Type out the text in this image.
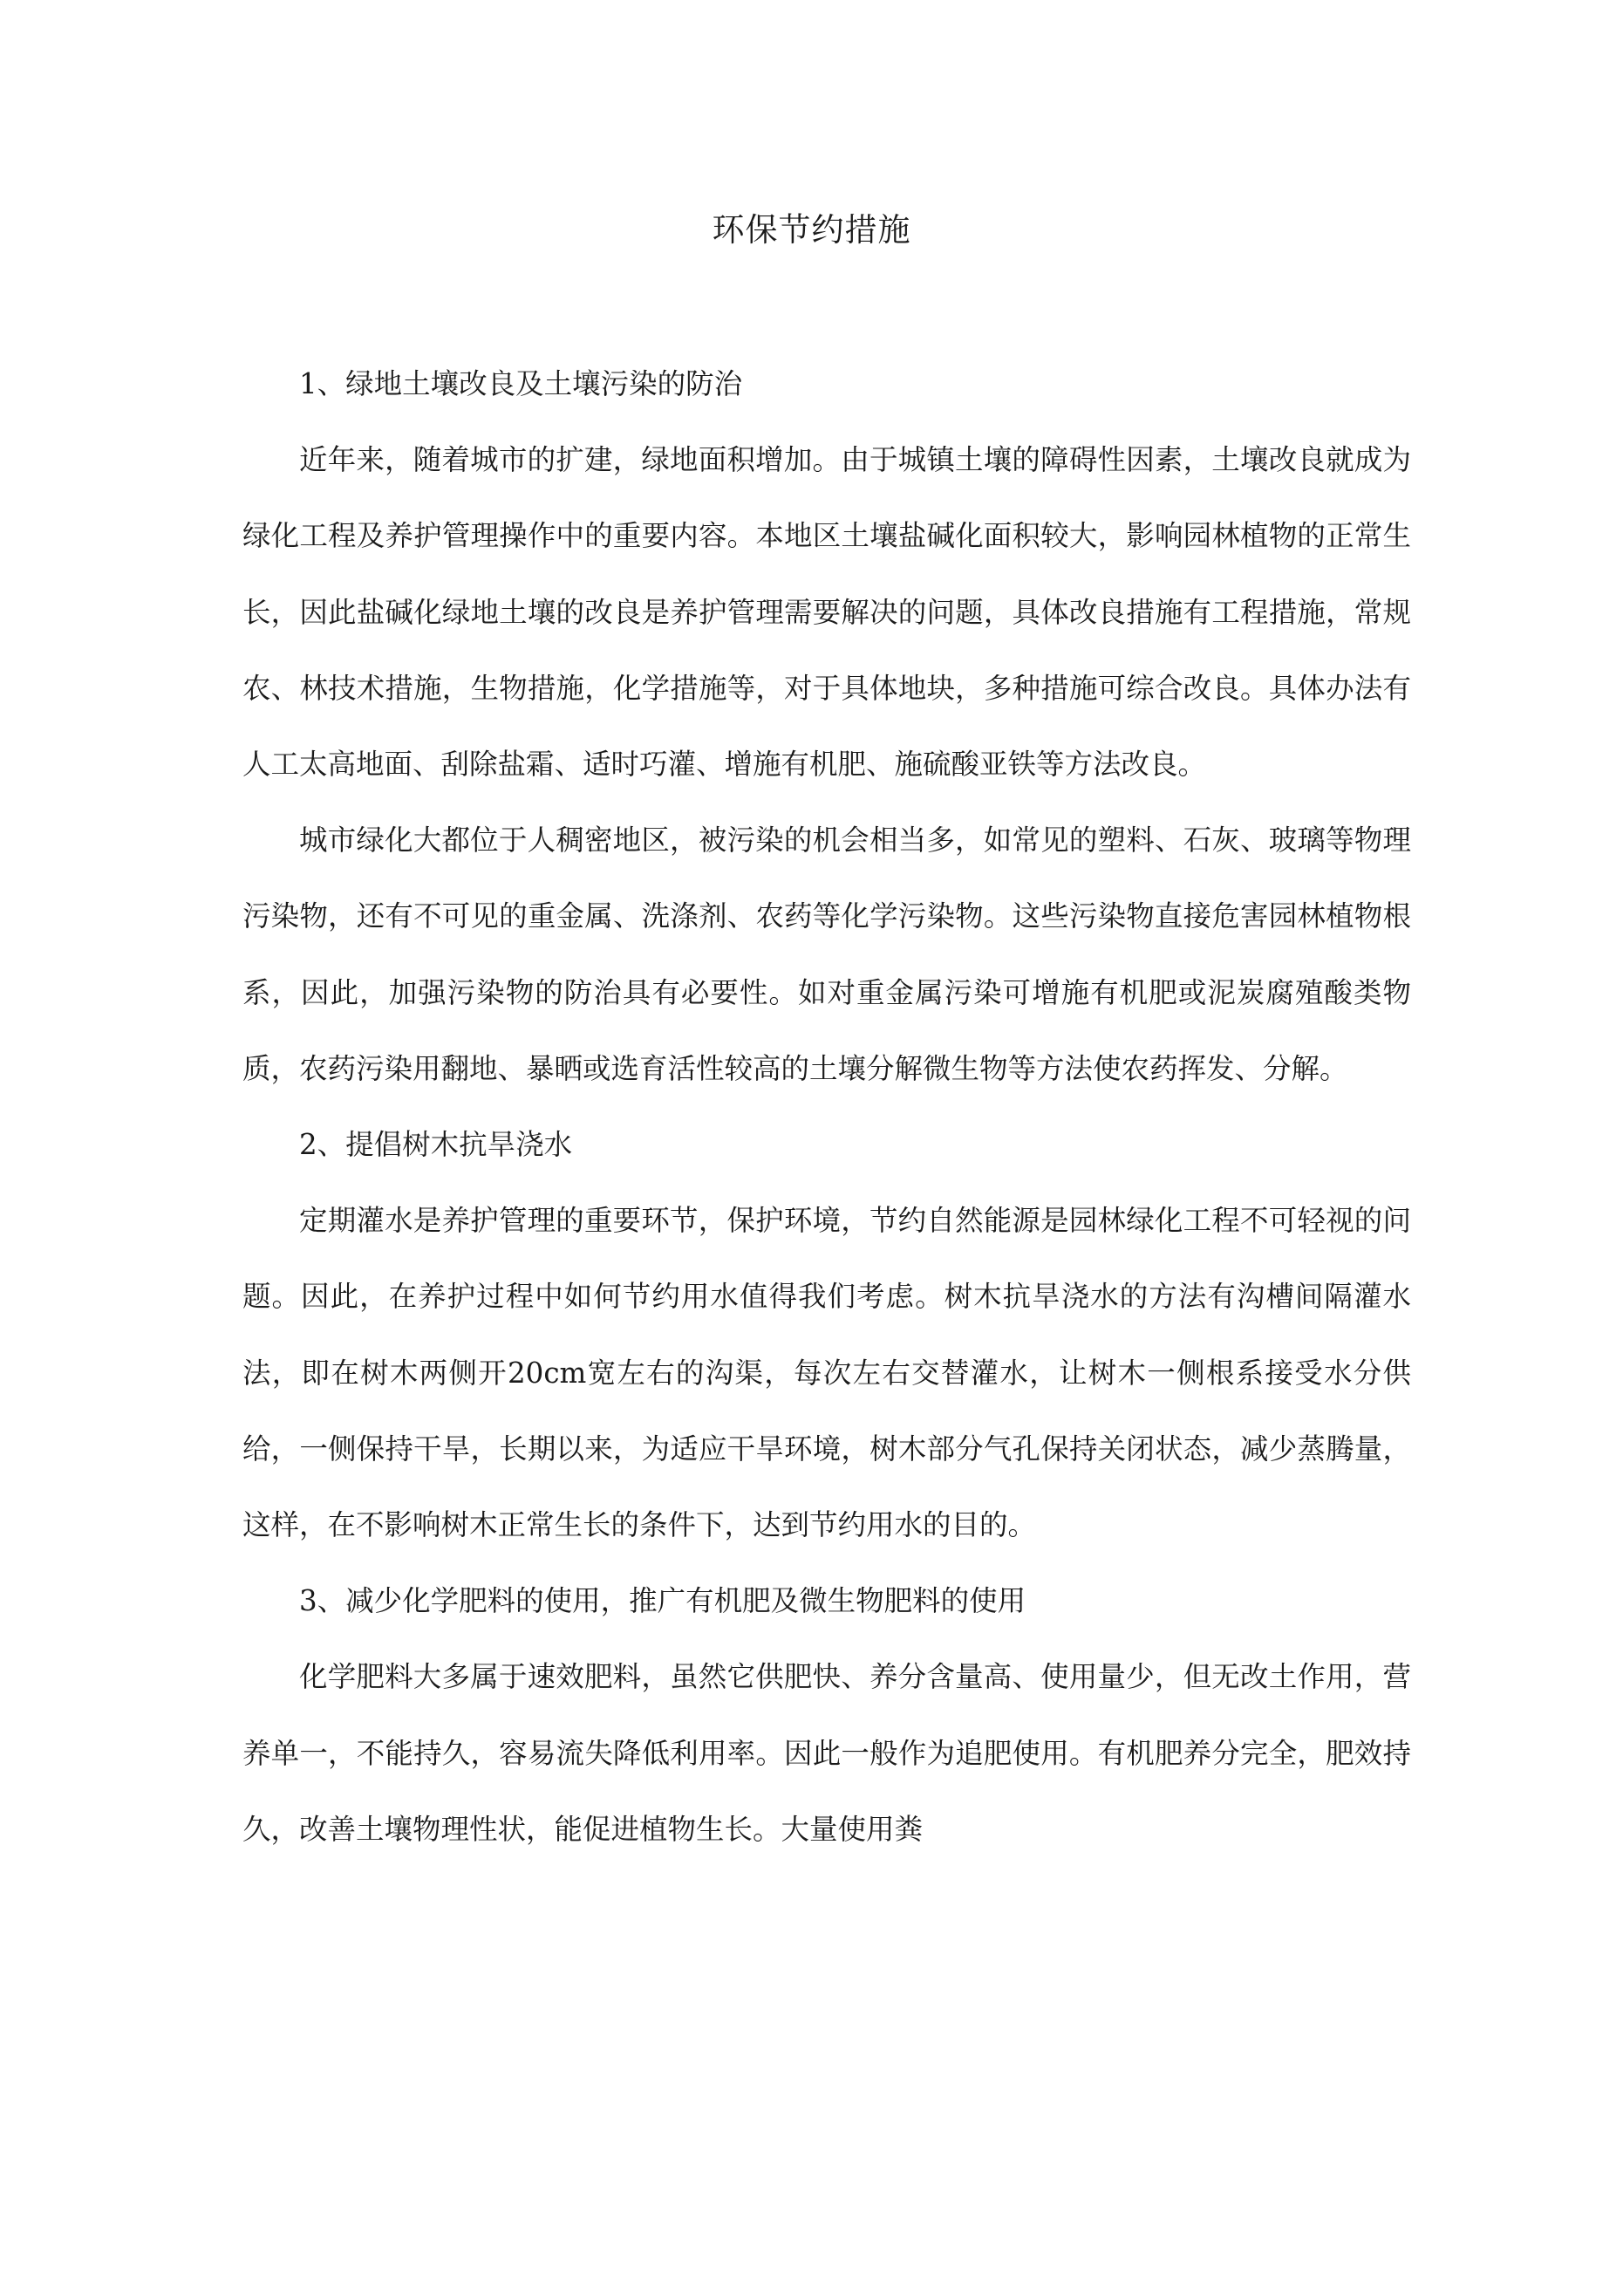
环保节约措施

1、绿地土壤改良及土壤污染的防治

近年来，随着城市的扩建，绿地面积增加。由于城镇土壤的障碍性因素，土壤改良就成为绿化工程及养护管理操作中的重要内容。本地区土壤盐碱化面积较大，影响园林植物的正常生长，因此盐碱化绿地土壤的改良是养护管理需要解决的问题，具体改良措施有工程措施，常规农、林技术措施，生物措施，化学措施等，对于具体地块，多种措施可综合改良。具体办法有人工太高地面、刮除盐霜、适时巧灌、增施有机肥、施硫酸亚铁等方法改良。

城市绿化大都位于人稠密地区，被污染的机会相当多，如常见的塑料、石灰、玻璃等物理污染物，还有不可见的重金属、洗涤剂、农药等化学污染物。这些污染物直接危害园林植物根系，因此，加强污染物的防治具有必要性。如对重金属污染可增施有机肥或泥炭腐殖酸类物质，农药污染用翻地、暴晒或选育活性较高的土壤分解微生物等方法使农药挥发、分解。

2、提倡树木抗旱浇水

定期灌水是养护管理的重要环节，保护环境，节约自然能源是园林绿化工程不可轻视的问题。因此，在养护过程中如何节约用水值得我们考虑。树木抗旱浇水的方法有沟槽间隔灌水法，即在树木两侧开20cm宽左右的沟渠，每次左右交替灌水，让树木一侧根系接受水分供给，一侧保持干旱，长期以来，为适应干旱环境，树木部分气孔保持关闭状态，减少蒸腾量，这样，在不影响树木正常生长的条件下，达到节约用水的目的。

3、减少化学肥料的使用，推广有机肥及微生物肥料的使用

化学肥料大多属于速效肥料，虽然它供肥快、养分含量高、使用量少，但无改土作用，营养单一，不能持久，容易流失降低利用率。因此一般作为追肥使用。有机肥养分完全，肥效持久，改善土壤物理性状，能促进植物生长。大量使用粪
